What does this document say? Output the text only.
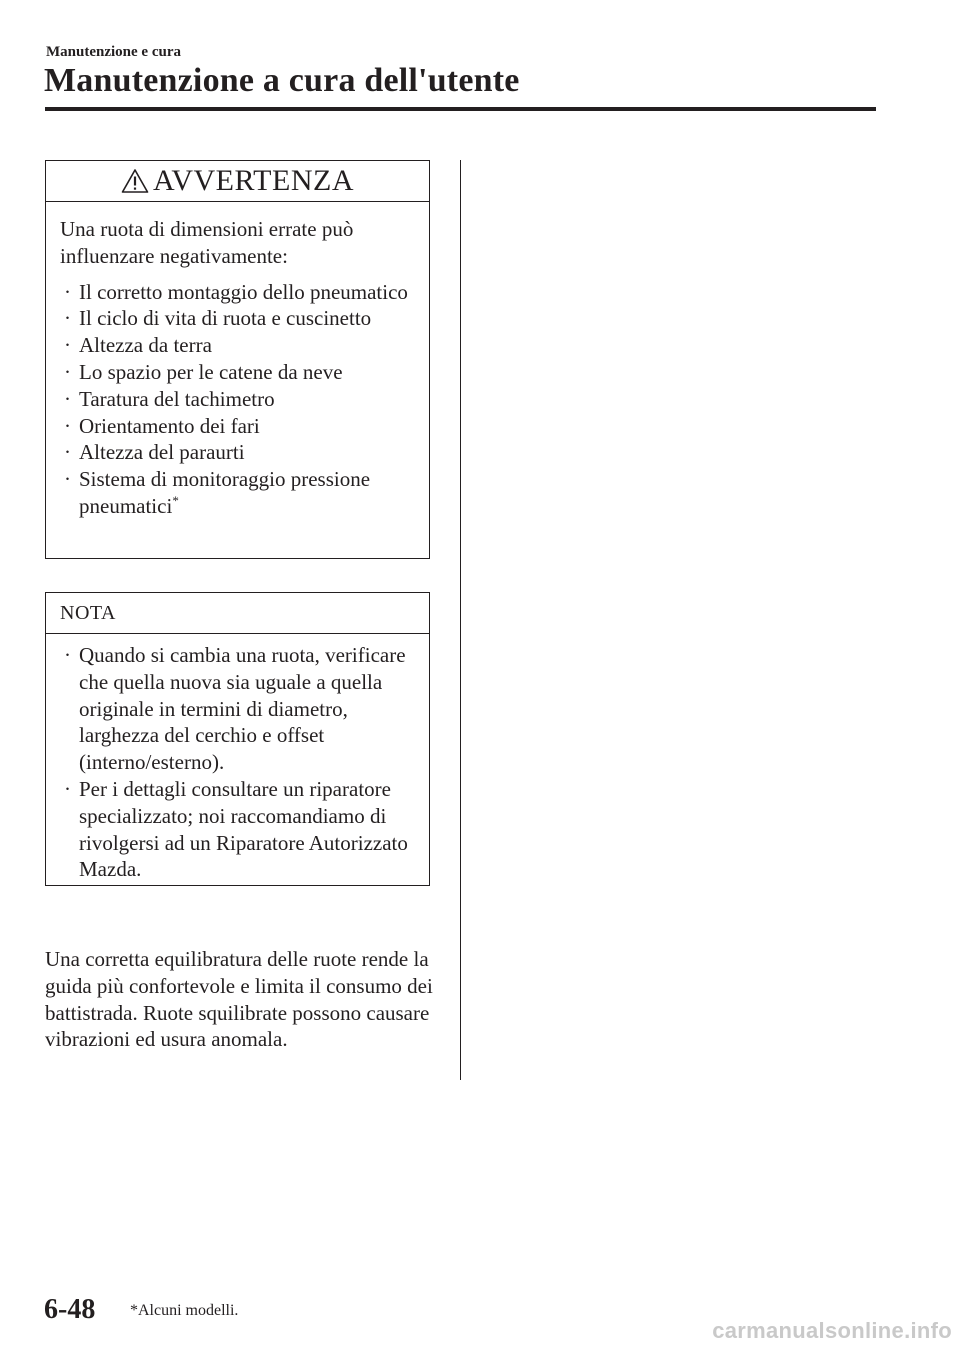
Manutenzione e cura
Manutenzione a cura dell'utente
AVVERTENZA

Una ruota di dimensioni errate può influenzare negativamente:

· Il corretto montaggio dello pneumatico
· Il ciclo di vita di ruota e cuscinetto
· Altezza da terra
· Lo spazio per le catene da neve
· Taratura del tachimetro
· Orientamento dei fari
· Altezza del paraurti
· Sistema di monitoraggio pressione pneumatici*
NOTA
· Quando si cambia una ruota, verificare che quella nuova sia uguale a quella originale in termini di diametro, larghezza del cerchio e offset (interno/esterno).
· Per i dettagli consultare un riparatore specializzato; noi raccomandiamo di rivolgersi ad un Riparatore Autorizzato Mazda.

Una corretta equilibratura delle ruote rende la guida più confortevole e limita il consumo dei battistrada. Ruote squilibrate possono causare vibrazioni ed usura anomala.

6-48 *Alcuni modelli.
carmanualsonline.info
